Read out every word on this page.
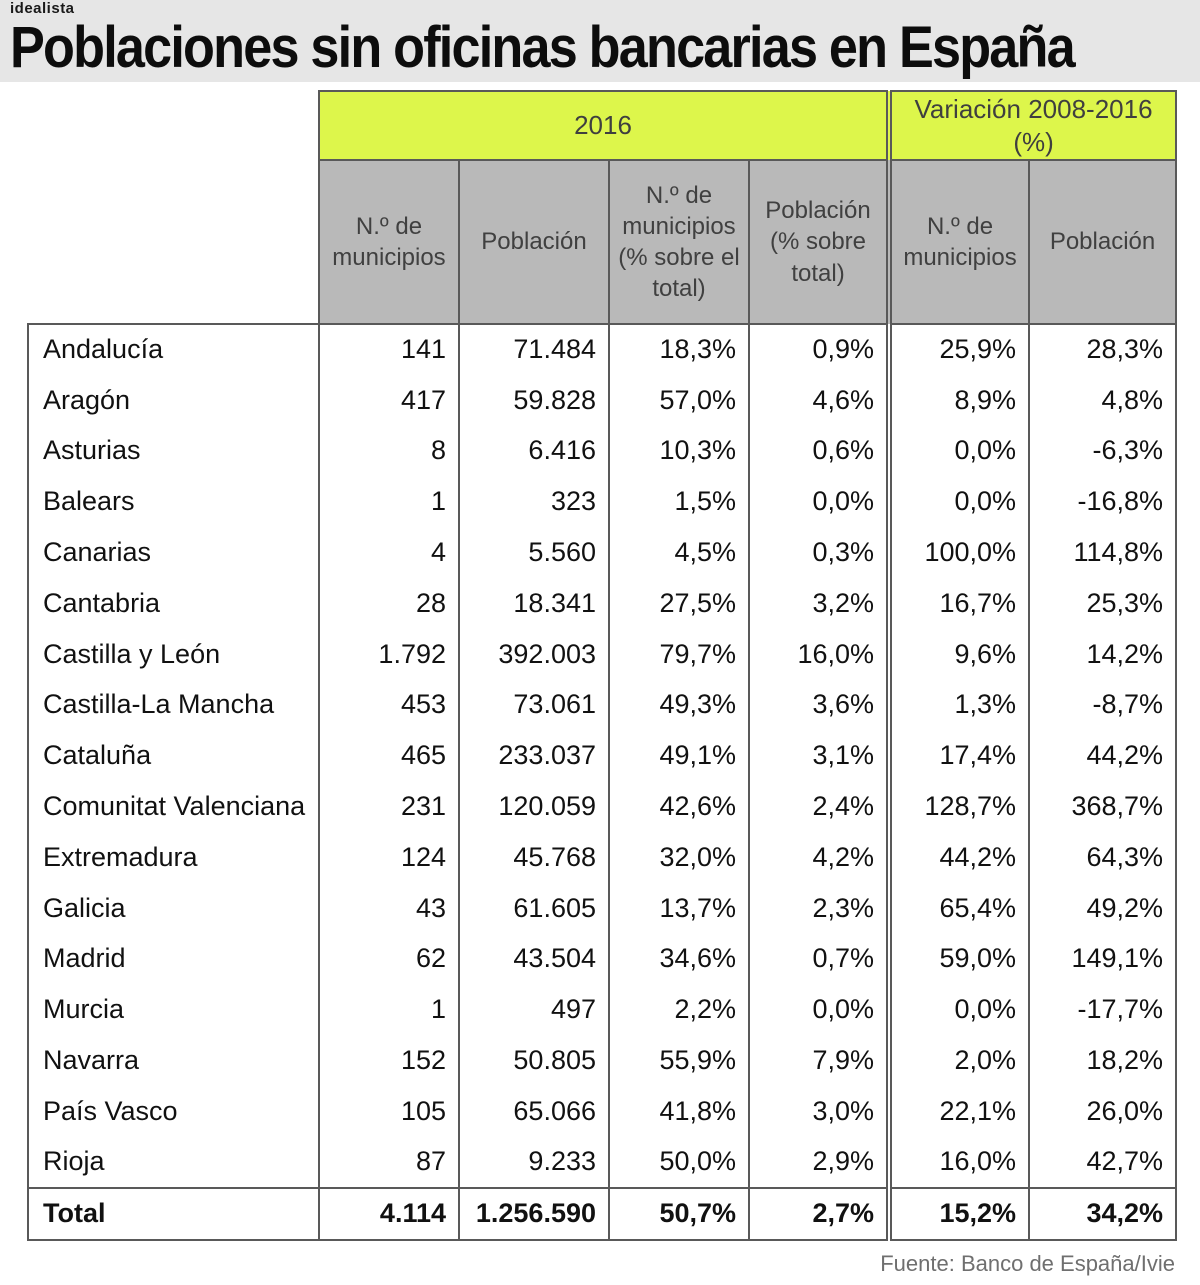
idealista
Poblaciones sin oficinas bancarias en España
	2016				Variación 2008-2016 (%)	
	N.º de municipios	Población	N.º de municipios (% sobre el total)	Población (% sobre total)	N.º de municipios	Población
Andalucía	141	71.484	18,3%	0,9%	25,9%	28,3%
Aragón	417	59.828	57,0%	4,6%	8,9%	4,8%
Asturias	8	6.416	10,3%	0,6%	0,0%	-6,3%
Balears	1	323	1,5%	0,0%	0,0%	-16,8%
Canarias	4	5.560	4,5%	0,3%	100,0%	114,8%
Cantabria	28	18.341	27,5%	3,2%	16,7%	25,3%
Castilla y León	1.792	392.003	79,7%	16,0%	9,6%	14,2%
Castilla-La Mancha	453	73.061	49,3%	3,6%	1,3%	-8,7%
Cataluña	465	233.037	49,1%	3,1%	17,4%	44,2%
Comunitat Valenciana	231	120.059	42,6%	2,4%	128,7%	368,7%
Extremadura	124	45.768	32,0%	4,2%	44,2%	64,3%
Galicia	43	61.605	13,7%	2,3%	65,4%	49,2%
Madrid	62	43.504	34,6%	0,7%	59,0%	149,1%
Murcia	1	497	2,2%	0,0%	0,0%	-17,7%
Navarra	152	50.805	55,9%	7,9%	2,0%	18,2%
País Vasco	105	65.066	41,8%	3,0%	22,1%	26,0%
Rioja	87	9.233	50,0%	2,9%	16,0%	42,7%
Total	4.114	1.256.590	50,7%	2,7%	15,2%	34,2%
Fuente: Banco de España/Ivie
